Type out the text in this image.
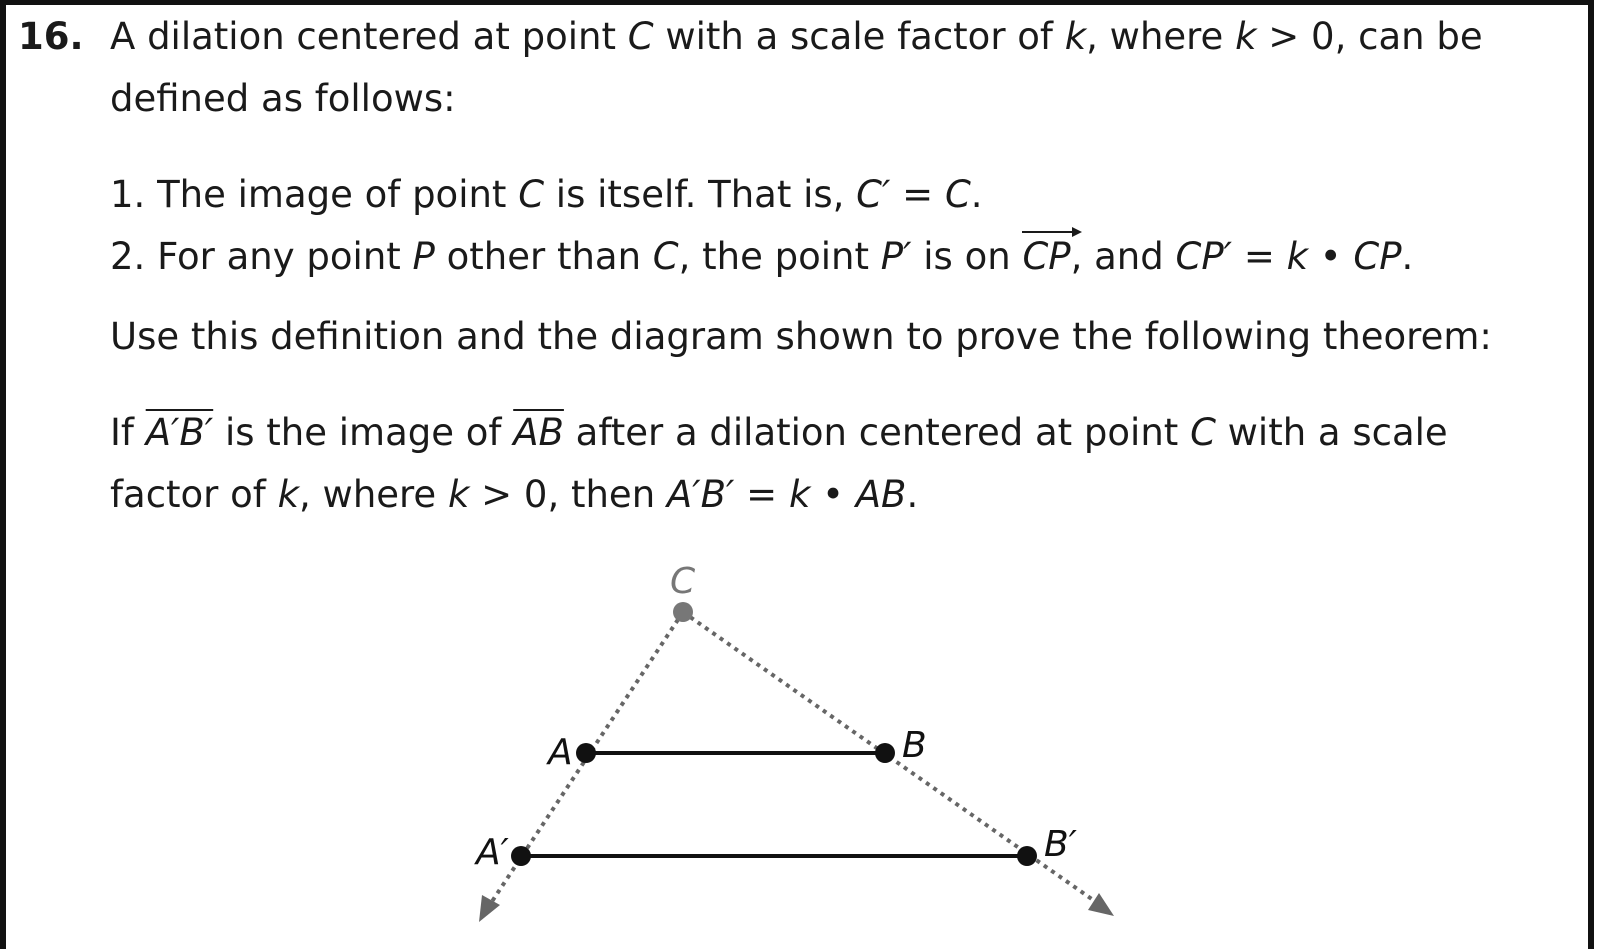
16. A dilation centered at point C with a scale factor of k, where k > 0, can be
defined as follows:
1. The image of point C is itself. That is, C′ = C.
2. For any point P other than C, the point P′ is on
CP, and CP′ = k • CP.
Use this definition and the diagram shown to prove the following theorem:
If A′B′ is the image of $\overline{AB}$ after a dilation centered at point C with a scale
factor of k, where k > 0, then A′B′ = k • AB.
C
A	B
A′	B′
